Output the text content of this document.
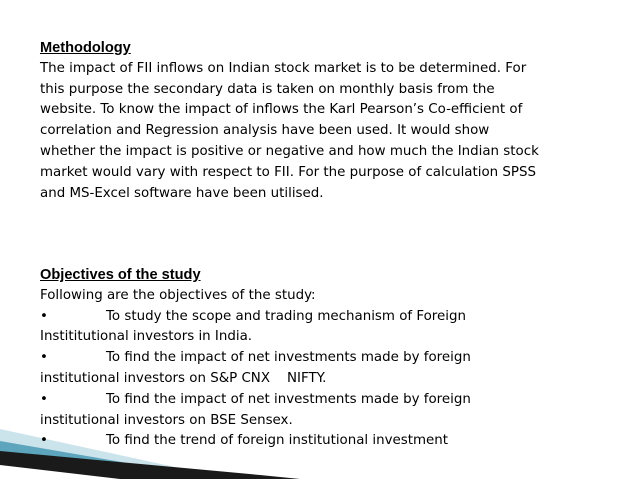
Methodology
The impact of FII inflows on Indian stock market is to be determined. For
this purpose the secondary data is taken on monthly basis from the
website. To know the impact of inflows the Karl Pearson’s Co-efficient of
correlation and Regression analysis have been used. It would show
whether the impact is positive or negative and how much the Indian stock
market would vary with respect to FII. For the purpose of calculation SPSS
and MS-Excel software have been utilised.
Objectives of the study
Following are the objectives of the study:
•	To study the scope and trading mechanism of Foreign
Instititutional investors in India.
•	To find the impact of net investments made by foreign
institutional investors on S&P CNX    NIFTY.
•	To find the impact of net investments made by foreign
institutional investors on BSE Sensex.
•	To find the trend of foreign institutional investment
